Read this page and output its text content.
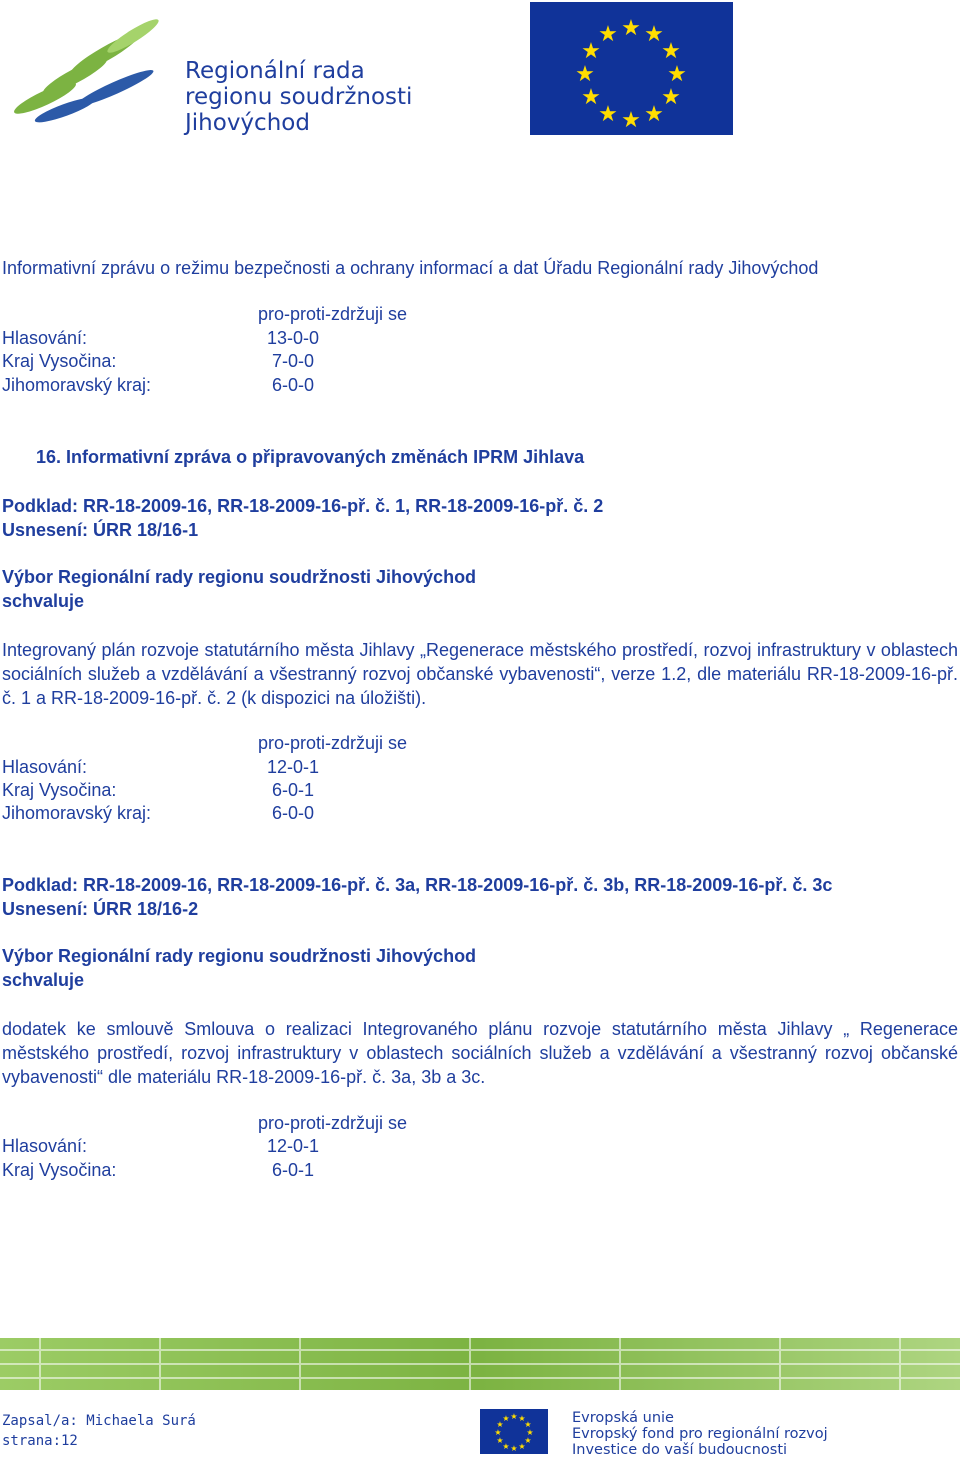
Regionální rada
regionu soudržnosti
Jihovýchod
★ ★
★
★
★
★
★
★
★
★
★
★
Informativní zprávu o režimu bezpečnosti a ochrany informací a dat Úřadu Regionální rady Jihovýchod
pro-proti-zdržuji se
Hlasování:	13-0-0
Kraj Vysočina:	7-0-0
Jihomoravský kraj:	6-0-0
16. Informativní zpráva o připravovaných změnách IPRM Jihlava
Podklad: RR-18-2009-16, RR-18-2009-16-př. č. 1, RR-18-2009-16-př. č. 2
Usnesení: ÚRR 18/16-1
Výbor Regionální rady regionu soudržnosti Jihovýchod
schvaluje
Integrovaný plán rozvoje statutárního města Jihlavy „Regenerace městského prostředí, rozvoj infrastruktury v oblastech sociálních služeb a vzdělávání a všestranný rozvoj občanské vybavenosti“, verze 1.2, dle materiálu RR-18-2009-16-př. č. 1 a RR-18-2009-16-př. č. 2 (k dispozici na úložišti).
pro-proti-zdržuji se
Hlasování:	12-0-1
Kraj Vysočina:	6-0-1
Jihomoravský kraj:	6-0-0
Podklad: RR-18-2009-16, RR-18-2009-16-př. č. 3a, RR-18-2009-16-př. č. 3b, RR-18-2009-16-př. č. 3c
Usnesení: ÚRR 18/16-2
Výbor Regionální rady regionu soudržnosti Jihovýchod
schvaluje
dodatek ke smlouvě Smlouva o realizaci Integrovaného plánu rozvoje statutárního města Jihlavy „ Regenerace městského prostředí, rozvoj infrastruktury v oblastech sociálních služeb a vzdělávání a všestranný rozvoj občanské vybavenosti“ dle materiálu RR-18-2009-16-př. č. 3a, 3b a 3c.
pro-proti-zdržuji se
Hlasování:	12-0-1
Kraj Vysočina:	6-0-1
Zapsal/a: Michaela Surá
strana:12
★ ★
★
★
★
★
★
★
★
★
★
★	Evropská unie
Evropský fond pro regionální rozvoj
Investice do vaší budoucnosti
